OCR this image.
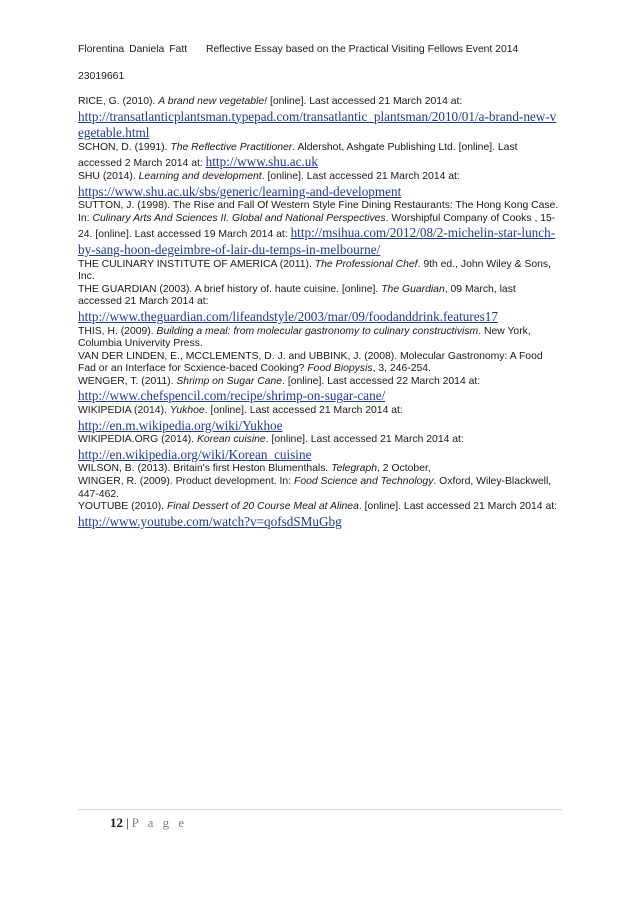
Florentina Daniela Fatt Reflective Essay based on the Practical Visiting Fellows Event 2014
23019661

RICE, G. (2010). A brand new vegetable! [online]. Last accessed 21 March 2014 at:
http://transatlanticplantsman.typepad.com/transatlantic_plantsman/2010/01/a-brand-new-vegetable.html

SCHON, D. (1991). The Reflective Practitioner. Aldershot, Ashgate Publishing Ltd. [online]. Last accessed 2 March 2014 at: http://www.shu.ac.uk

SHU (2014). Learning and development. [online]. Last accessed 21 March 2014 at:
https://www.shu.ac.uk/sbs/generic/learning-and-development

SUTTON, J. (1998). The Rise and Fall Of Western Style Fine Dining Restaurants: The Hong Kong Case. In: Culinary Arts And Sciences II. Global and National Perspectives. Worshipful Company of Cooks , 15-24. [online]. Last accessed 19 March 2014 at: http://msihua.com/2012/08/2-michelin-star-lunch-by-sang-hoon-degeimbre-of-lair-du-temps-in-melbourne/

THE CULINARY INSTITUTE OF AMERICA (2011). The Professional Chef. 9th ed., John Wiley & Sons, Inc.

THE GUARDIAN (2003). A brief history of. haute cuisine. [online]. The Guardian, 09 March, last accessed 21 March 2014 at:
http://www.theguardian.com/lifeandstyle/2003/mar/09/foodanddrink.features17

THIS, H. (2009). Building a meal: from molecular gastronomy to culinary constructivism. New York, Columbia Univervity Press.

VAN DER LINDEN, E., MCCLEMENTS, D. J. and UBBINK, J. (2008). Molecular Gastronomy: A Food Fad or an Interface for Scxience-baced Cooking? Food Biopysis, 3, 246-254.

WENGER, T. (2011). Shrimp on Sugar Cane. [online]. Last accessed 22 March 2014 at:
http://www.chefspencil.com/recipe/shrimp-on-sugar-cane/

WIKIPEDIA (2014). Yukhoe. [online]. Last accessed 21 March 2014 at:
http://en.m.wikipedia.org/wiki/Yukhoe

WIKIPEDIA.ORG (2014). Korean cuisine. [online]. Last accessed 21 March 2014 at:
http://en.wikipedia.org/wiki/Korean_cuisine

WILSON, B. (2013). Britain's first Heston Blumenthals. Telegraph, 2 October,

WINGER, R. (2009). Product development. In: Food Science and Technology. Oxford, Wiley-Blackwell, 447-462.

YOUTUBE (2010). Final Dessert of 20 Course Meal at Alinea. [online]. Last accessed 21 March 2014 at: http://www.youtube.com/watch?v=qofsdSMuGbg

12 | P a g e
